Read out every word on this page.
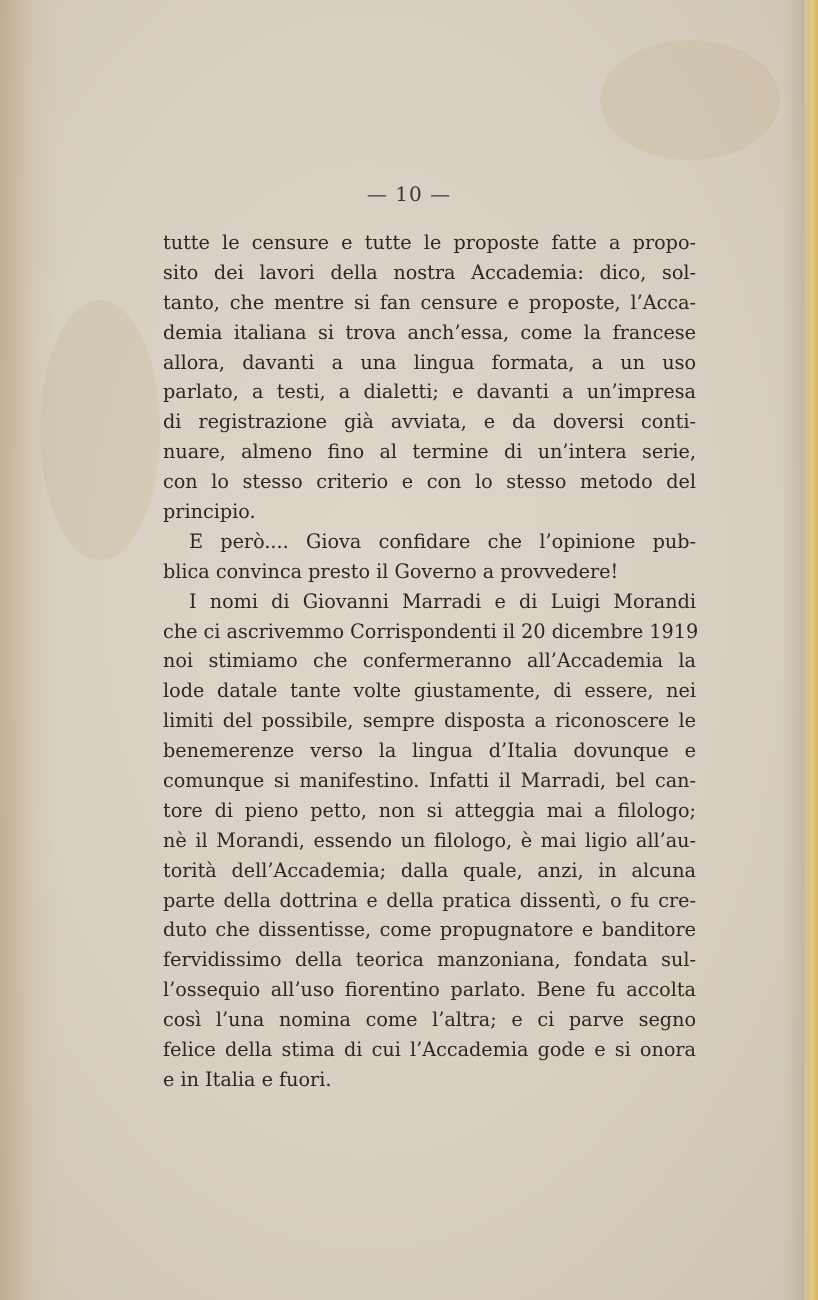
— 10 —
tutte le censure e tutte le proposte fatte a propo-
sito dei lavori della nostra Accademia: dico, sol-
tanto, che mentre si fan censure e proposte, l’Acca-
demia italiana si trova anch’essa, come la francese
allora, davanti a una lingua formata, a un uso
parlato, a testi, a dialetti; e davanti a un’impresa
di registrazione già avviata, e da doversi conti-
nuare, almeno fino al termine di un’intera serie,
con lo stesso criterio e con lo stesso metodo del
principio.
E però.... Giova confidare che l’opinione pub-
blica convinca presto il Governo a provvedere!
I nomi di Giovanni Marradi e di Luigi Morandi
che ci ascrivemmo Corrispondenti il 20 dicembre 1919
noi stimiamo che confermeranno all’Accademia la
lode datale tante volte giustamente, di essere, nei
limiti del possibile, sempre disposta a riconoscere le
benemerenze verso la lingua d’Italia dovunque e
comunque si manifestino. Infatti il Marradi, bel can-
tore di pieno petto, non si atteggia mai a filologo;
nè il Morandi, essendo un filologo, è mai ligio all’au-
torità dell’Accademia; dalla quale, anzi, in alcuna
parte della dottrina e della pratica dissentì, o fu cre-
duto che dissentisse, come propugnatore e banditore
fervidissimo della teorica manzoniana, fondata sul-
l’ossequio all’uso fiorentino parlato. Bene fu accolta
così l’una nomina come l’altra; e ci parve segno
felice della stima di cui l’Accademia gode e si onora
e in Italia e fuori.
